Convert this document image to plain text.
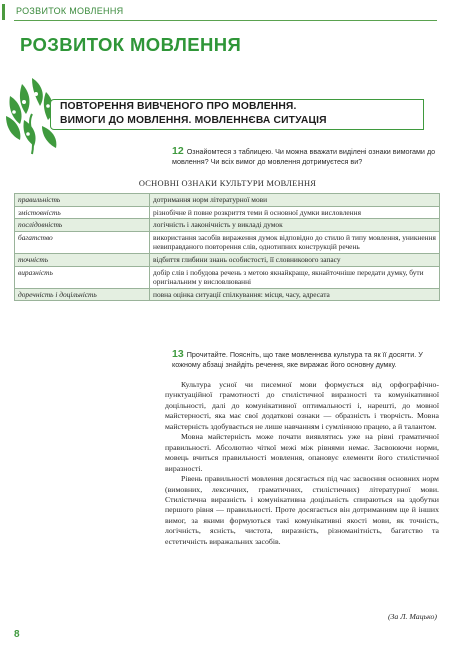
РОЗВИТОК МОВЛЕННЯ
РОЗВИТОК МОВЛЕННЯ
ПОВТОРЕННЯ ВИВЧЕНОГО ПРО МОВЛЕННЯ.
ВИМОГИ ДО МОВЛЕННЯ. МОВЛЕННЄВА СИТУАЦІЯ
12 Ознайомтеся з таблицею. Чи можна вважати виділені ознаки вимогами до мовлення? Чи всіх вимог до мовлення дотримуєтеся ви?
ОСНОВНІ ОЗНАКИ КУЛЬТУРИ МОВЛЕННЯ
правильність	дотримання норм літературної мови
змістовність	різнобічне й повне розкриття теми й основної думки висловлення
послідовність	логічність і лаконічність у викладі думок
багатство	використання засобів вираження думок відповідно до стилю й типу мовлення, уникнення невиправданого повторення слів, однотипних конструкцій речень
точність	відбиття глибини знань особистості, її словникового запасу
виразність	добір слів і побудова речень з метою якнайкраще, якнайточніше передати думку, бути оригінальним у висловлюванні
доречність і доцільність	повна оцінка ситуації спілкування: місця, часу, адресата
13 Прочитайте. Поясніть, що таке мовленнєва культура та як її досягти. У кожному абзаці знайдіть речення, яке виражає його основну думку.

Культура усної чи писемної мови формується від орфографічно-пунктуаційної грамотності до стилістичної виразності та комунікативної доцільності, далі до комунікативної оптимальності і, нарешті, до мовної майстерності, яка має свої додаткові ознаки — образність і творчість. Мовна майстерність здобувається не лише навчанням і сумлінною працею, а й талантом.

Мовна майстерність може почати виявлятись уже на рівні граматичної правильності. Абсолютно чіткої межі між рівнями немає. Засвоюючи норми, мовець вчиться правильності мовлення, опановує елементи його стилістичної виразності.

Рівень правильності мовлення досягається під час засвоєння основних норм (вимовних, лексичних, граматичних, стилістичних) літературної мови. Стилістична виразність і комунікативна доцільність спираються на здобутки першого рівня — правильності. Проте досягається він дотриманням ще й інших вимог, за якими формуються такі комунікативні якості мови, як точність, логічність, ясність, чистота, виразність, різноманітність, багатство та естетичність виражальних засобів.

(За Л. Мацько)
8
